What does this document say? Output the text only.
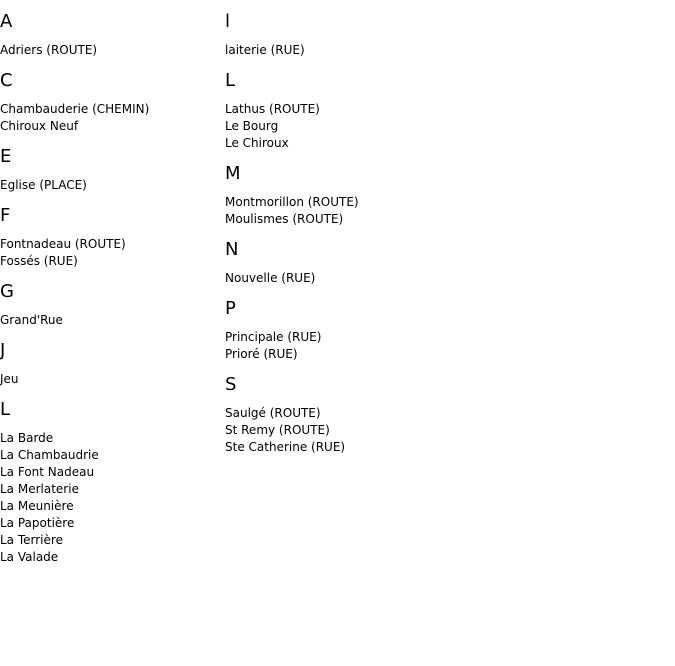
A
Adriers (ROUTE)
C
Chambauderie (CHEMIN)
Chiroux Neuf
E
Eglise (PLACE)
F
Fontnadeau (ROUTE)
Fossés (RUE)
G
Grand'Rue
J
Jeu
L
La Barde
La Chambaudrie
La Font Nadeau
La Merlaterie
La Meunière
La Papotière
La Terrière
La Valade
l
laiterie (RUE)
L
Lathus (ROUTE)
Le Bourg
Le Chiroux
M
Montmorillon (ROUTE)
Moulismes (ROUTE)
N
Nouvelle (RUE)
P
Principale (RUE)
Prioré (RUE)
S
Saulgé (ROUTE)
St Remy (ROUTE)
Ste Catherine (RUE)
